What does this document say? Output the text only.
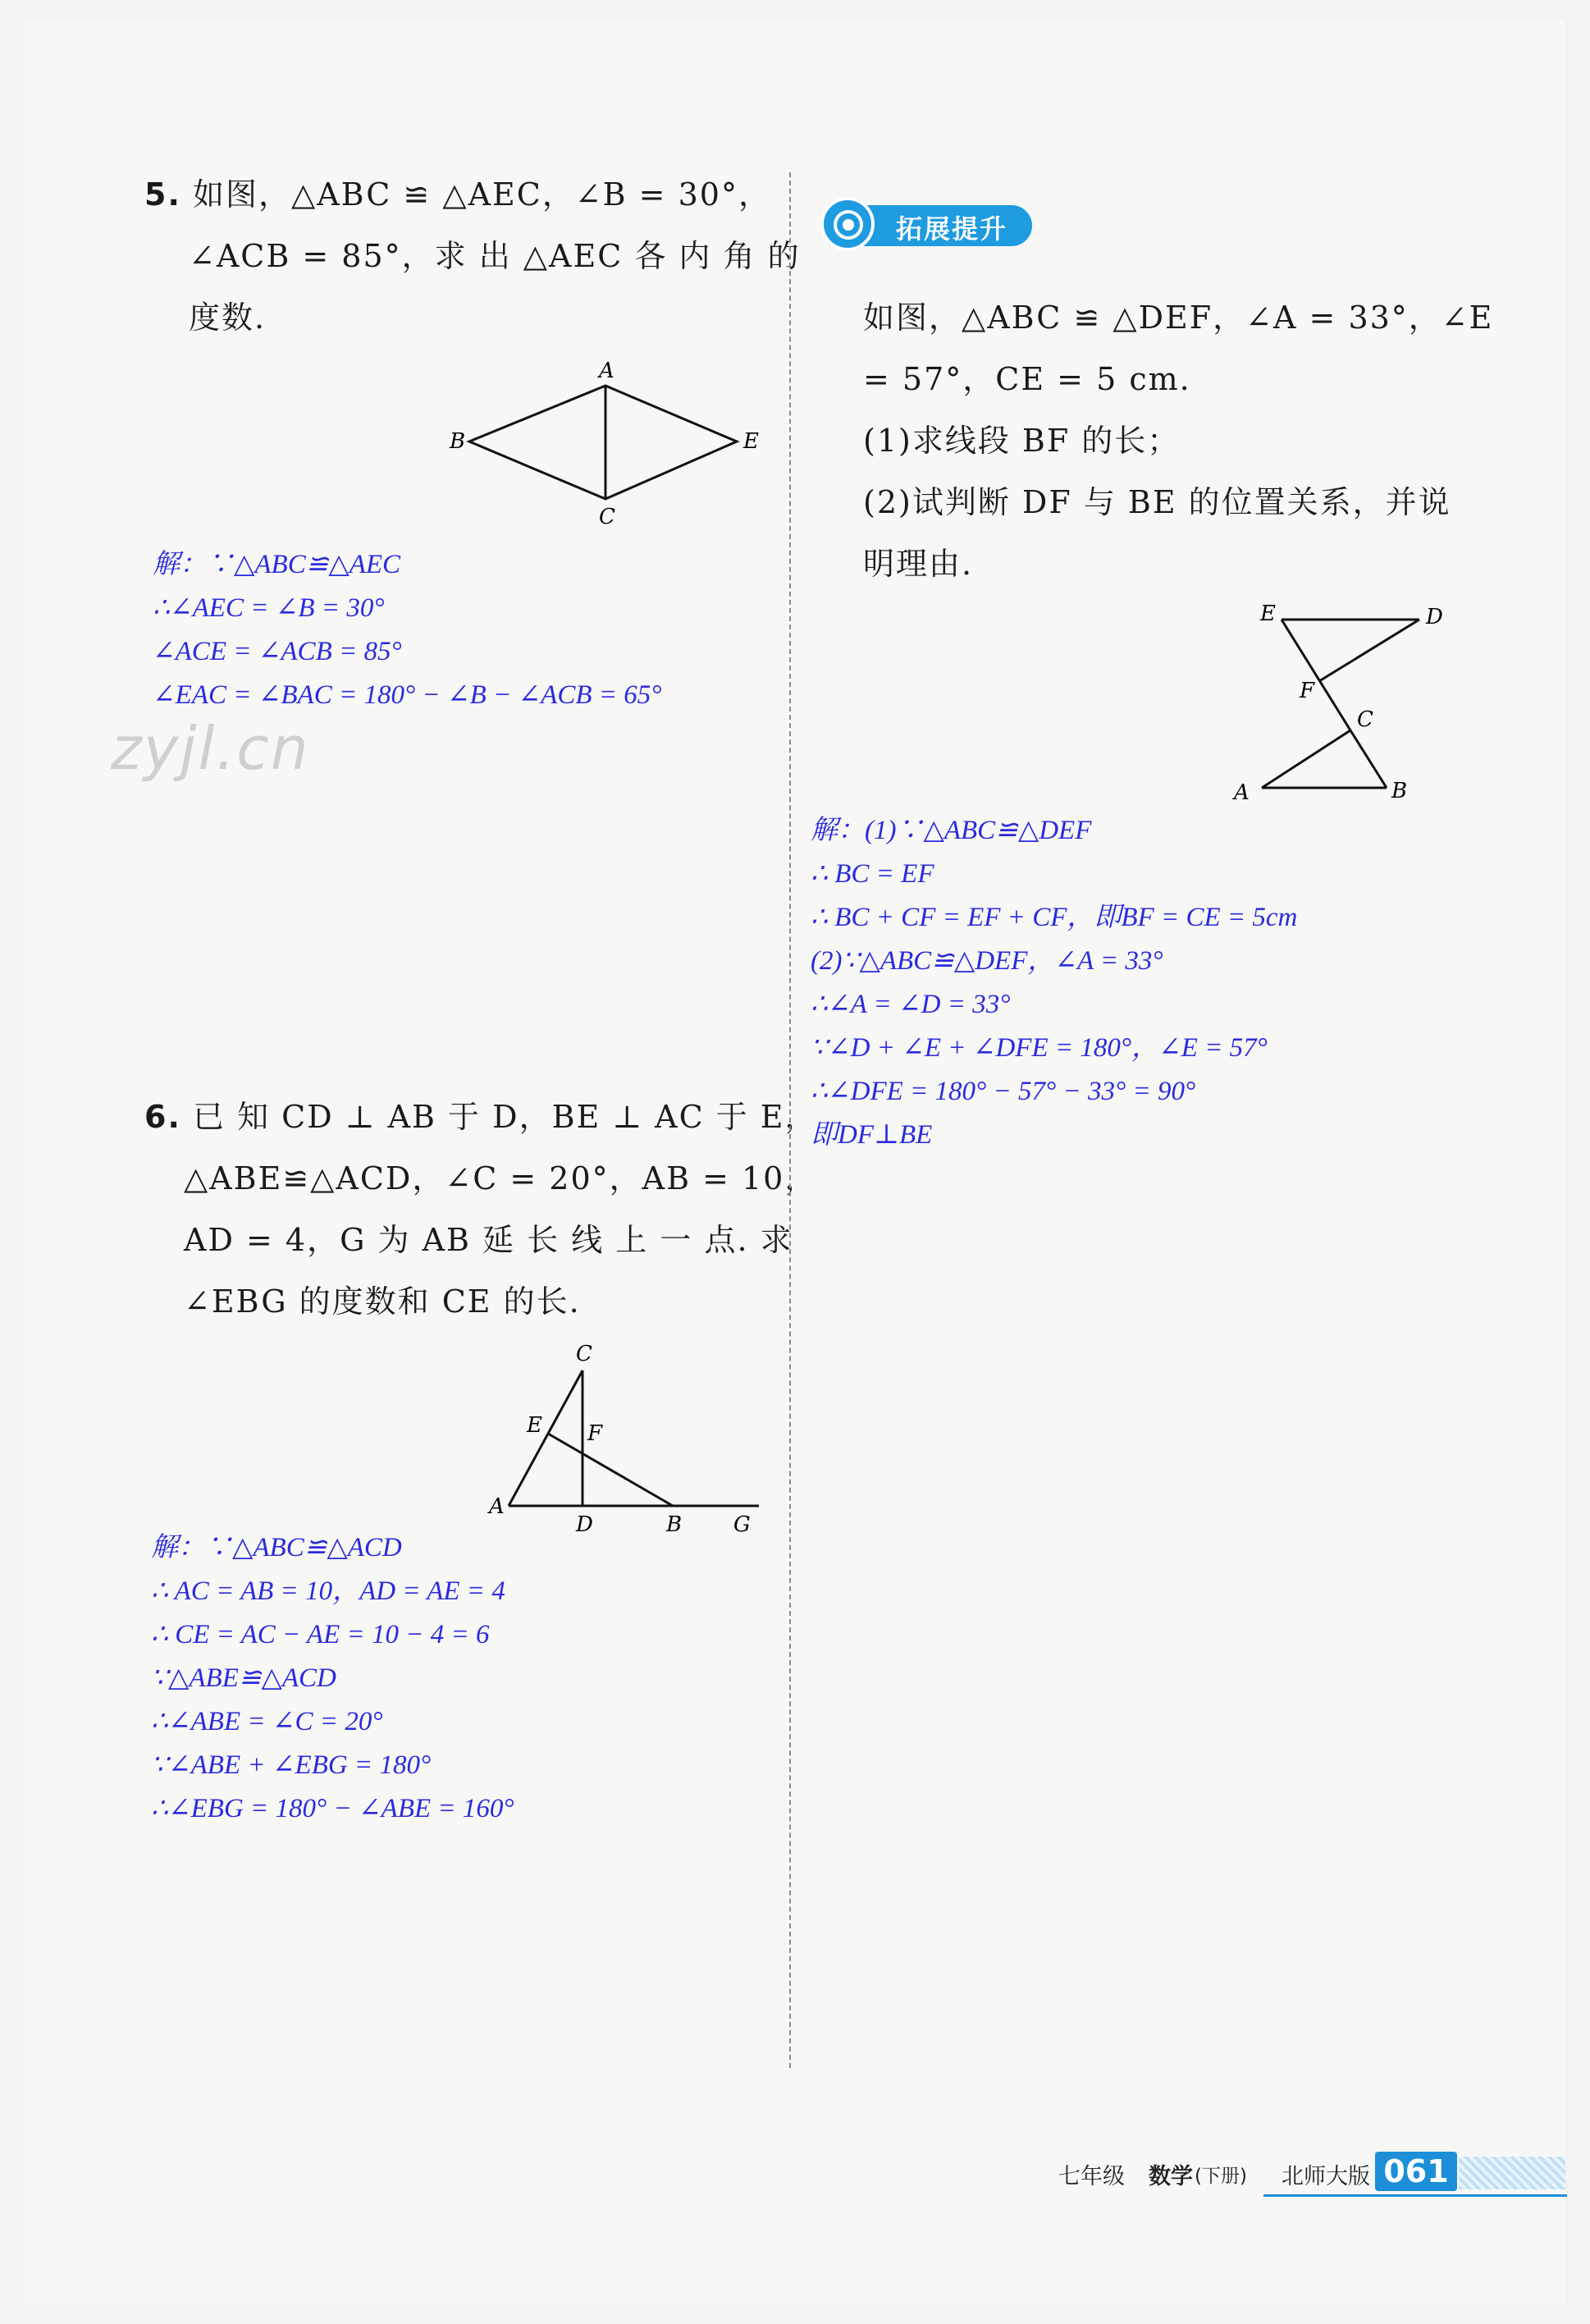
zyjl.cn
5. 如图，△ABC ≌ △AEC，∠B = 30°，
∠ACB = 85°，求 出 △AEC 各 内 角 的
度数.
A
B
C
E
解：∵△ABC≌△AEC
∴∠AEC = ∠B = 30°
∠ACE = ∠ACB = 85°
∠EAC = ∠BAC = 180° − ∠B − ∠ACB = 65°
6. 已 知 CD ⊥ AB 于 D，BE ⊥ AC 于 E，
△ABE≌△ACD，∠C = 20°，AB = 10，
AD = 4，G 为 AB 延 长 线 上 一 点. 求
∠EBG 的度数和 CE 的长.
C
E F
A
D	B G
解：∵△ABC≌△ACD
∴ AC = AB = 10，AD = AE = 4
∴ CE = AC − AE = 10 − 4 = 6
∵△ABE≌△ACD
∴∠ABE = ∠C = 20°
∵∠ABE + ∠EBG = 180°
∴∠EBG = 180° − ∠ABE = 160°
拓展提升
如图，△ABC ≌ △DEF，∠A = 33°，∠E
= 57°，CE = 5 cm.
(1)求线段 BF 的长；
(2)试判断 DF 与 BE 的位置关系，并说
明理由.
E	D
F
C
A	B
解：(1)∵△ABC≌△DEF
∴ BC = EF
∴ BC + CF = EF + CF，即BF = CE = 5cm
(2)∵△ABC≌△DEF，∠A = 33°
∴∠A = ∠D = 33°
∵∠D + ∠E + ∠DFE = 180°，∠E = 57°
∴∠DFE = 180° − 57° − 33° = 90°
即DF⊥BE
七年级 数学 (下册) 北师大版 061
